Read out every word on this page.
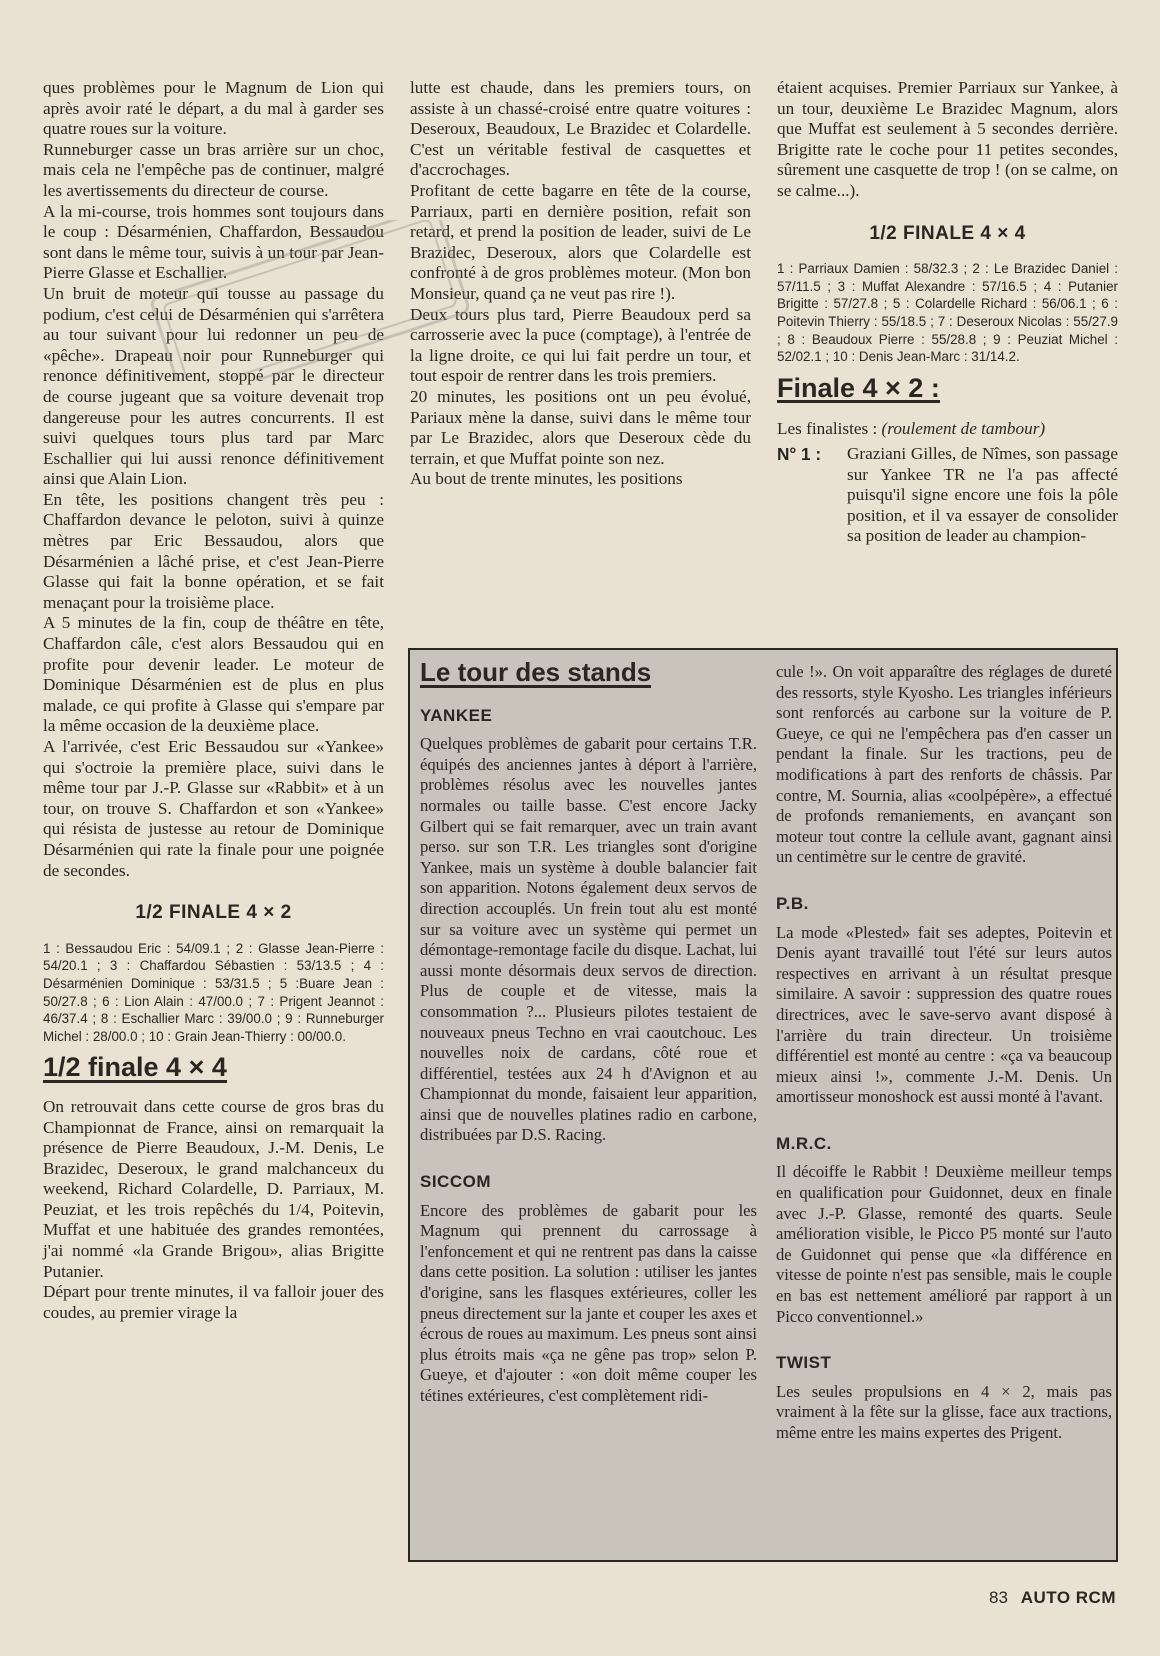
ques problèmes pour le Magnum de Lion qui après avoir raté le départ, a du mal à garder ses quatre roues sur la voiture.

Runneburger casse un bras arrière sur un choc, mais cela ne l'empêche pas de continuer, malgré les avertissements du directeur de course.

A la mi-course, trois hommes sont toujours dans le coup : Désarménien, Chaffardon, Bessaudou sont dans le même tour, suivis à un tour par Jean-Pierre Glasse et Eschallier.

Un bruit de moteur qui tousse au passage du podium, c'est celui de Désarménien qui s'arrêtera au tour suivant pour lui redonner un peu de «pêche». Drapeau noir pour Runneburger qui renonce définitivement, stoppé par le directeur de course jugeant que sa voiture devenait trop dangereuse pour les autres concurrents. Il est suivi quelques tours plus tard par Marc Eschallier qui lui aussi renonce définitivement ainsi que Alain Lion.

En tête, les positions changent très peu : Chaffardon devance le peloton, suivi à quinze mètres par Eric Bessaudou, alors que Désarménien a lâché prise, et c'est Jean-Pierre Glasse qui fait la bonne opération, et se fait menaçant pour la troisième place.

A 5 minutes de la fin, coup de théâtre en tête, Chaffardon câle, c'est alors Bessaudou qui en profite pour devenir leader. Le moteur de Dominique Désarménien est de plus en plus malade, ce qui profite à Glasse qui s'empare par la même occasion de la deuxième place.

A l'arrivée, c'est Eric Bessaudou sur «Yankee» qui s'octroie la première place, suivi dans le même tour par J.-P. Glasse sur «Rabbit» et à un tour, on trouve S. Chaffardon et son «Yankee» qui résista de justesse au retour de Dominique Désarménien qui rate la finale pour une poignée de secondes.

1/2 FINALE 4 × 2
1 : Bessaudou Eric : 54/09.1 ; 2 : Glasse Jean-Pierre : 54/20.1 ; 3 : Chaffardou Sébastien : 53/13.5 ; 4 : Désarménien Dominique : 53/31.5 ; 5 :Buare Jean : 50/27.8 ; 6 : Lion Alain : 47/00.0 ; 7 : Prigent Jeannot : 46/37.4 ; 8 : Eschallier Marc : 39/00.0 ; 9 : Runneburger Michel : 28/00.0 ; 10 : Grain Jean-Thierry : 00/00.0.
1/2 finale 4 × 4

On retrouvait dans cette course de gros bras du Championnat de France, ainsi on remarquait la présence de Pierre Beaudoux, J.-M. Denis, Le Brazidec, Deseroux, le grand malchanceux du weekend, Richard Colardelle, D. Parriaux, M. Peuziat, et les trois repêchés du 1/4, Poitevin, Muffat et une habituée des grandes remontées, j'ai nommé «la Grande Brigou», alias Brigitte Putanier.

Départ pour trente minutes, il va falloir jouer des coudes, au premier virage la

lutte est chaude, dans les premiers tours, on assiste à un chassé-croisé entre quatre voitures : Deseroux, Beaudoux, Le Brazidec et Colardelle. C'est un véritable festival de casquettes et d'accrochages.

Profitant de cette bagarre en tête de la course, Parriaux, parti en dernière position, refait son retard, et prend la position de leader, suivi de Le Brazidec, Deseroux, alors que Colardelle est confronté à de gros problèmes moteur. (Mon bon Monsieur, quand ça ne veut pas rire !).

Deux tours plus tard, Pierre Beaudoux perd sa carrosserie avec la puce (comptage), à l'entrée de la ligne droite, ce qui lui fait perdre un tour, et tout espoir de rentrer dans les trois premiers.

20 minutes, les positions ont un peu évolué, Pariaux mène la danse, suivi dans le même tour par Le Brazidec, alors que Deseroux cède du terrain, et que Muffat pointe son nez.

Au bout de trente minutes, les positions

étaient acquises. Premier Parriaux sur Yankee, à un tour, deuxième Le Brazidec Magnum, alors que Muffat est seulement à 5 secondes derrière. Brigitte rate le coche pour 11 petites secondes, sûrement une casquette de trop ! (on se calme, on se calme...).

1/2 FINALE 4 × 4
1 : Parriaux Damien : 58/32.3 ; 2 : Le Brazidec Daniel : 57/11.5 ; 3 : Muffat Alexandre : 57/16.5 ; 4 : Putanier Brigitte : 57/27.8 ; 5 : Colardelle Richard : 56/06.1 ; 6 : Poitevin Thierry : 55/18.5 ; 7 : Deseroux Nicolas : 55/27.9 ; 8 : Beaudoux Pierre : 55/28.8 ; 9 : Peuziat Michel : 52/02.1 ; 10 : Denis Jean-Marc : 31/14.2.
Finale 4 × 2 :
Les finalistes : (roulement de tambour)
N° 1 :	Graziani Gilles, de Nîmes, son passage sur Yankee TR ne l'a pas affecté puisqu'il signe encore une fois la pôle position, et il va essayer de consolider sa position de leader au champion-
Le tour des stands
YANKEE

Quelques problèmes de gabarit pour certains T.R. équipés des anciennes jantes à déport à l'arrière, problèmes résolus avec les nouvelles jantes normales ou taille basse. C'est encore Jacky Gilbert qui se fait remarquer, avec un train avant perso. sur son T.R. Les triangles sont d'origine Yankee, mais un système à double balancier fait son apparition. Notons également deux servos de direction accouplés. Un frein tout alu est monté sur sa voiture avec un système qui permet un démontage-remontage facile du disque. Lachat, lui aussi monte désormais deux servos de direction. Plus de couple et de vitesse, mais la consommation ?... Plusieurs pilotes testaient de nouveaux pneus Techno en vrai caoutchouc. Les nouvelles noix de cardans, côté roue et différentiel, testées aux 24 h d'Avignon et au Championnat du monde, faisaient leur apparition, ainsi que de nouvelles platines radio en carbone, distribuées par D.S. Racing.

SICCOM

Encore des problèmes de gabarit pour les Magnum qui prennent du carrossage à l'enfoncement et qui ne rentrent pas dans la caisse dans cette position. La solution : utiliser les jantes d'origine, sans les flasques extérieures, coller les pneus directement sur la jante et couper les axes et écrous de roues au maximum. Les pneus sont ainsi plus étroits mais «ça ne gêne pas trop» selon P. Gueye, et d'ajouter : «on doit même couper les tétines extérieures, c'est complètement ridi-

cule !». On voit apparaître des réglages de dureté des ressorts, style Kyosho. Les triangles inférieurs sont renforcés au carbone sur la voiture de P. Gueye, ce qui ne l'empêchera pas d'en casser un pendant la finale. Sur les tractions, peu de modifications à part des renforts de châssis. Par contre, M. Sournia, alias «coolpépère», a effectué de profonds remaniements, en avançant son moteur tout contre la cellule avant, gagnant ainsi un centimètre sur le centre de gravité.

P.B.

La mode «Plested» fait ses adeptes, Poitevin et Denis ayant travaillé tout l'été sur leurs autos respectives en arrivant à un résultat presque similaire. A savoir : suppression des quatre roues directrices, avec le save-servo avant disposé à l'arrière du train directeur. Un troisième différentiel est monté au centre : «ça va beaucoup mieux ainsi !», commente J.-M. Denis. Un amortisseur monoshock est aussi monté à l'avant.

M.R.C.

Il décoiffe le Rabbit ! Deuxième meilleur temps en qualification pour Guidonnet, deux en finale avec J.-P. Glasse, remonté des quarts. Seule amélioration visible, le Picco P5 monté sur l'auto de Guidonnet qui pense que «la différence en vitesse de pointe n'est pas sensible, mais le couple en bas est nettement amélioré par rapport à un Picco conventionnel.»

TWIST

Les seules propulsions en 4 × 2, mais pas vraiment à la fête sur la glisse, face aux tractions, même entre les mains expertes des Prigent.

83 AUTO RCM
